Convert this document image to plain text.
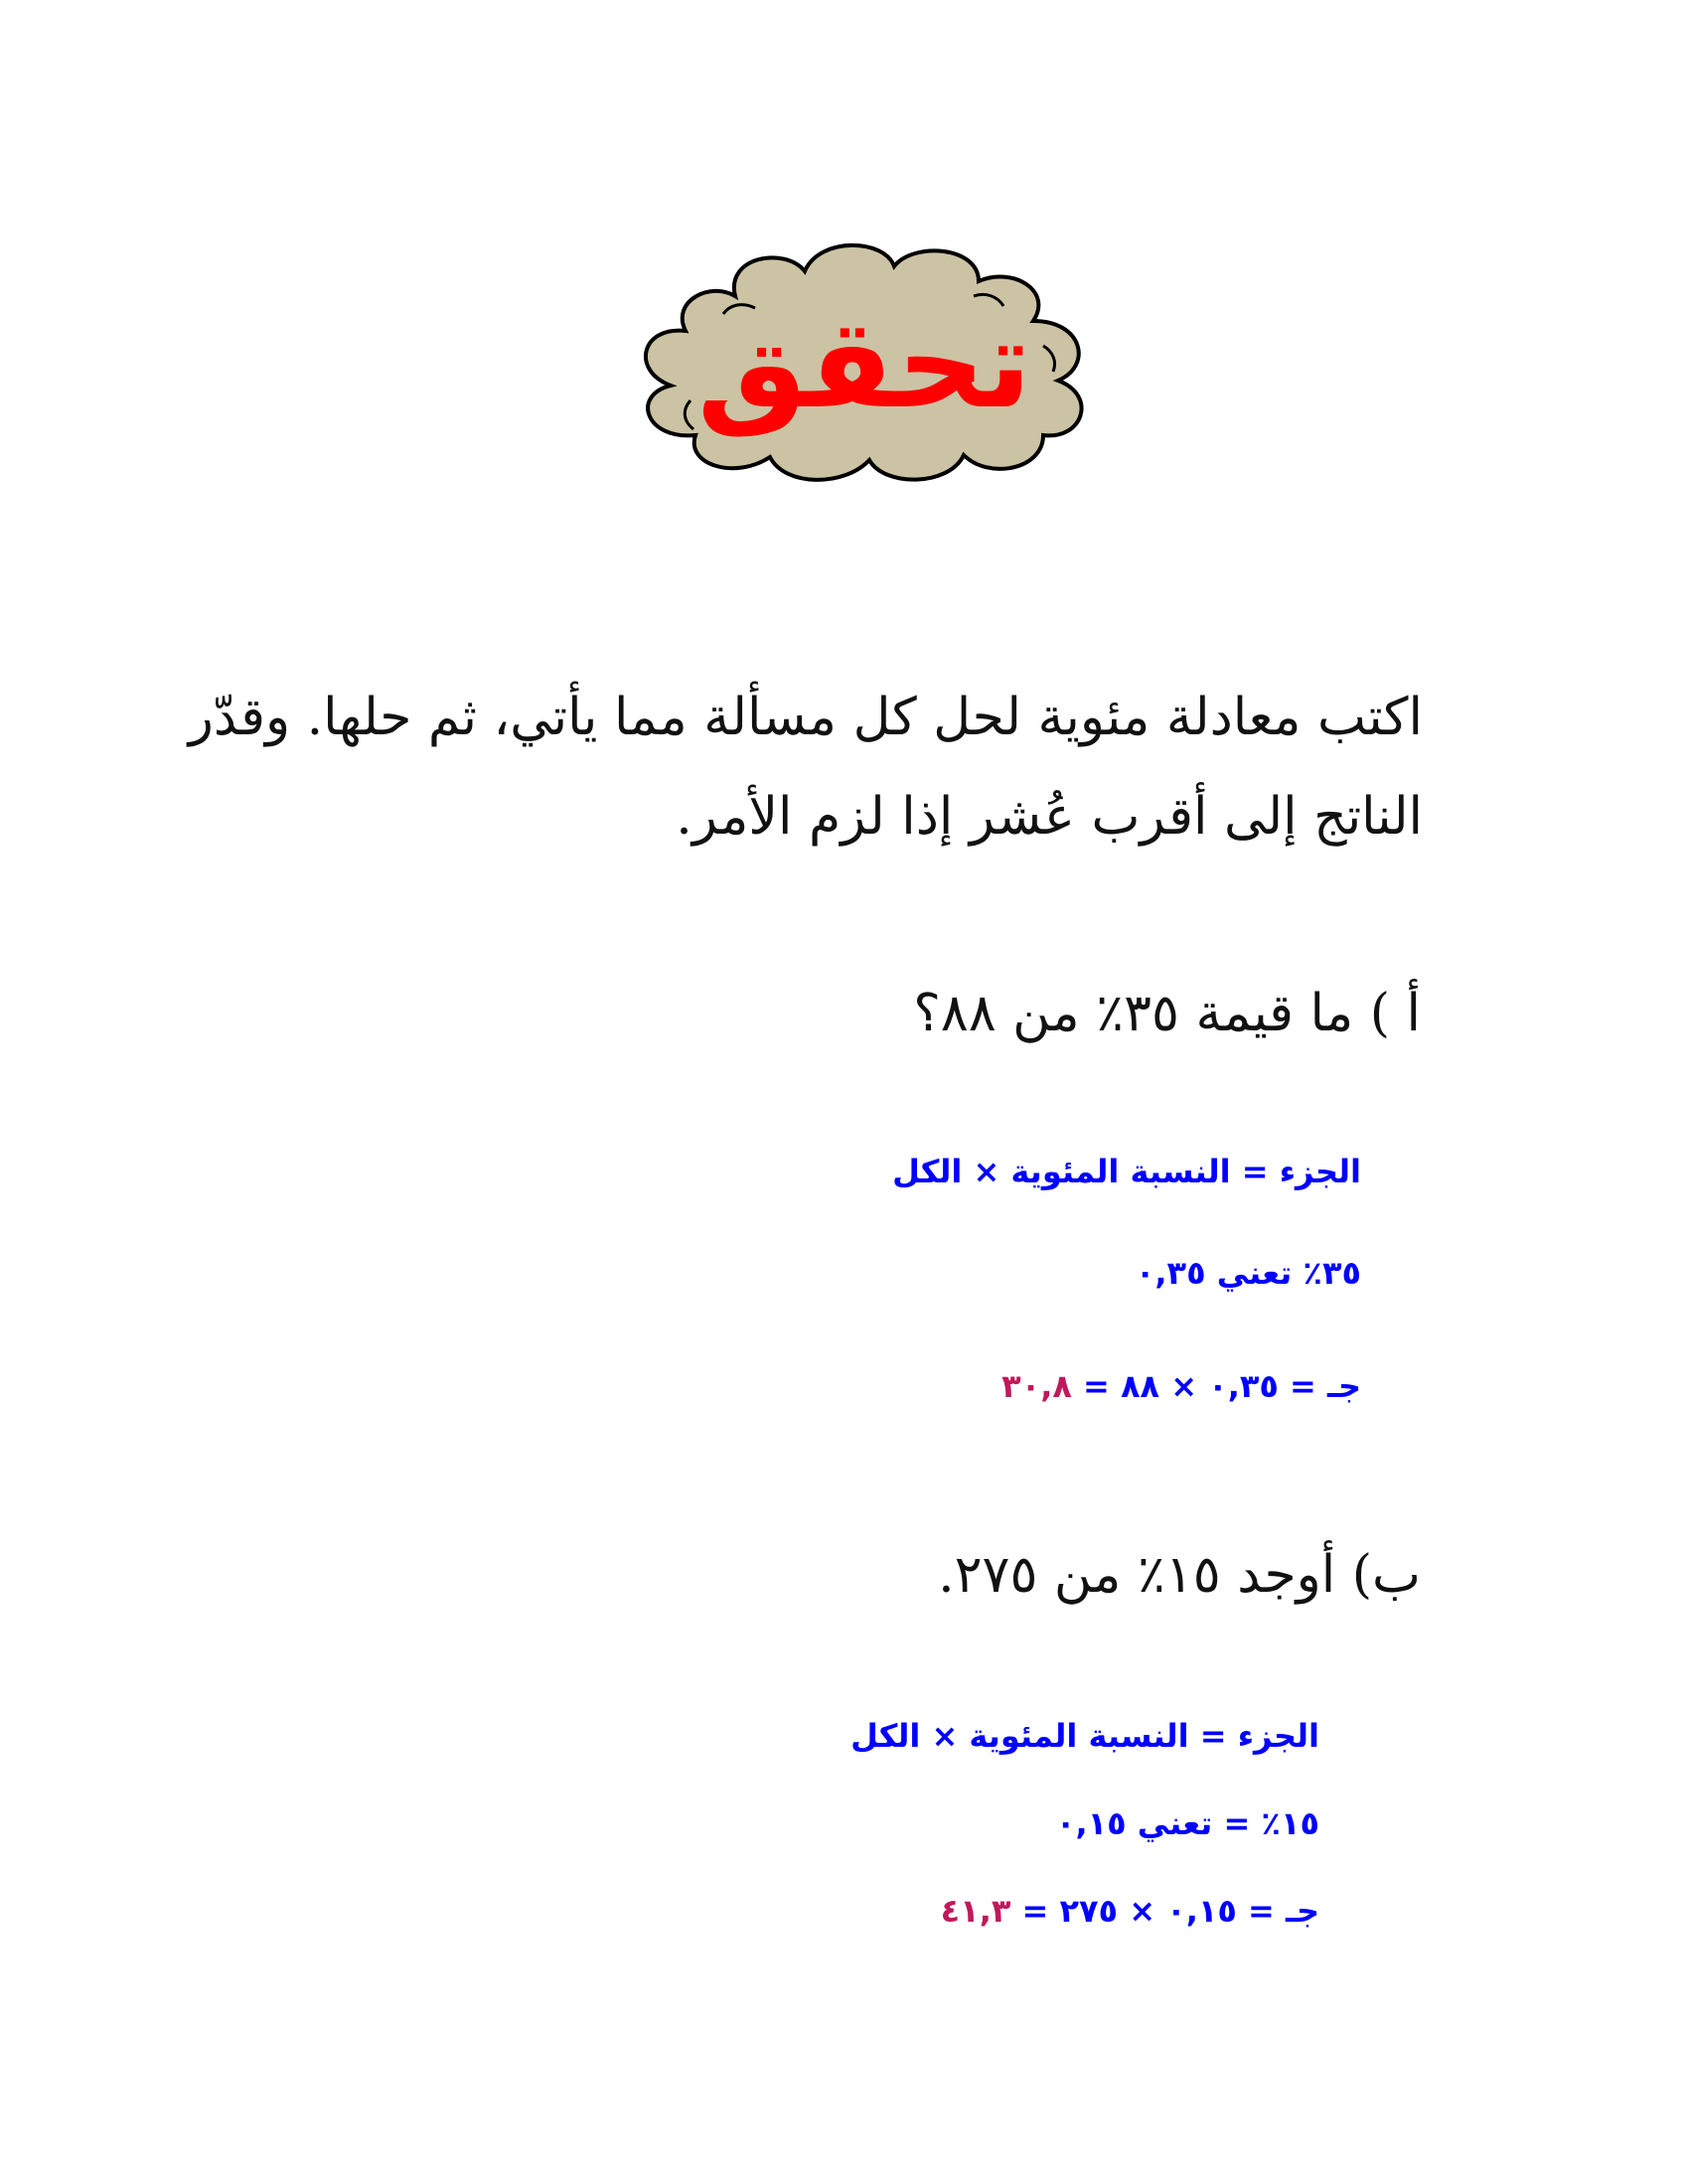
تحقق
اكتب معادلة مئوية لحل كل مسألة مما يأتي، ثم حلها. وقدّر الناتج إلى أقرب عُشر إذا لزم الأمر.
أ ) ما قيمة ٣٥٪ من ٨٨؟
الجزء = النسبة المئوية × الكل
٣٥٪ تعني ٠,٣٥
جـ = ٠,٣٥ × ٨٨ = ٣٠,٨
ب) أوجد ١٥٪ من ٢٧٥.
الجزء = النسبة المئوية × الكل
١٥٪ = تعني ٠,١٥
جـ = ٠,١٥ × ٢٧٥ = ٤١,٣
